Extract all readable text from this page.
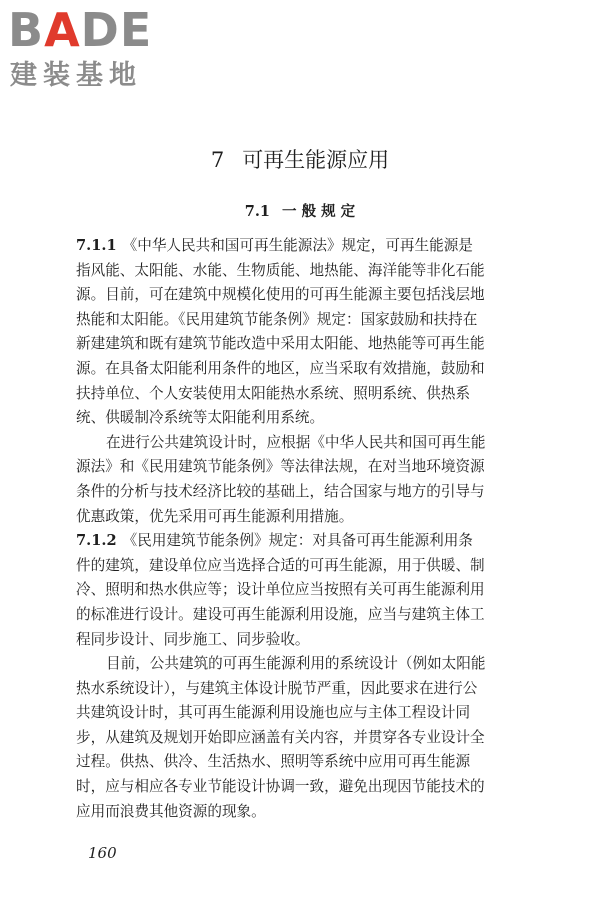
B A D E
建装基地
7 可再生能源应用
7.1 一 般 规 定
7.1.1 《中华人民共和国可再生能源法》规定，可再生能源是
指风能、太阳能、水能、生物质能、地热能、海洋能等非化石能
源。目前，可在建筑中规模化使用的可再生能源主要包括浅层地
热能和太阳能。《民用建筑节能条例》规定：国家鼓励和扶持在
新建建筑和既有建筑节能改造中采用太阳能、地热能等可再生能
源。在具备太阳能利用条件的地区，应当采取有效措施，鼓励和
扶持单位、个人安装使用太阳能热水系统、照明系统、供热系
统、供暖制冷系统等太阳能利用系统。
在进行公共建筑设计时，应根据《中华人民共和国可再生能
源法》和《民用建筑节能条例》等法律法规，在对当地环境资源
条件的分析与技术经济比较的基础上，结合国家与地方的引导与
优惠政策，优先采用可再生能源利用措施。
7.1.2 《民用建筑节能条例》规定：对具备可再生能源利用条
件的建筑，建设单位应当选择合适的可再生能源，用于供暖、制
冷、照明和热水供应等；设计单位应当按照有关可再生能源利用
的标准进行设计。建设可再生能源利用设施，应当与建筑主体工
程同步设计、同步施工、同步验收。
目前，公共建筑的可再生能源利用的系统设计（例如太阳能
热水系统设计），与建筑主体设计脱节严重，因此要求在进行公
共建筑设计时，其可再生能源利用设施也应与主体工程设计同
步，从建筑及规划开始即应涵盖有关内容，并贯穿各专业设计全
过程。供热、供冷、生活热水、照明等系统中应用可再生能源
时，应与相应各专业节能设计协调一致，避免出现因节能技术的
应用而浪费其他资源的现象。
160
